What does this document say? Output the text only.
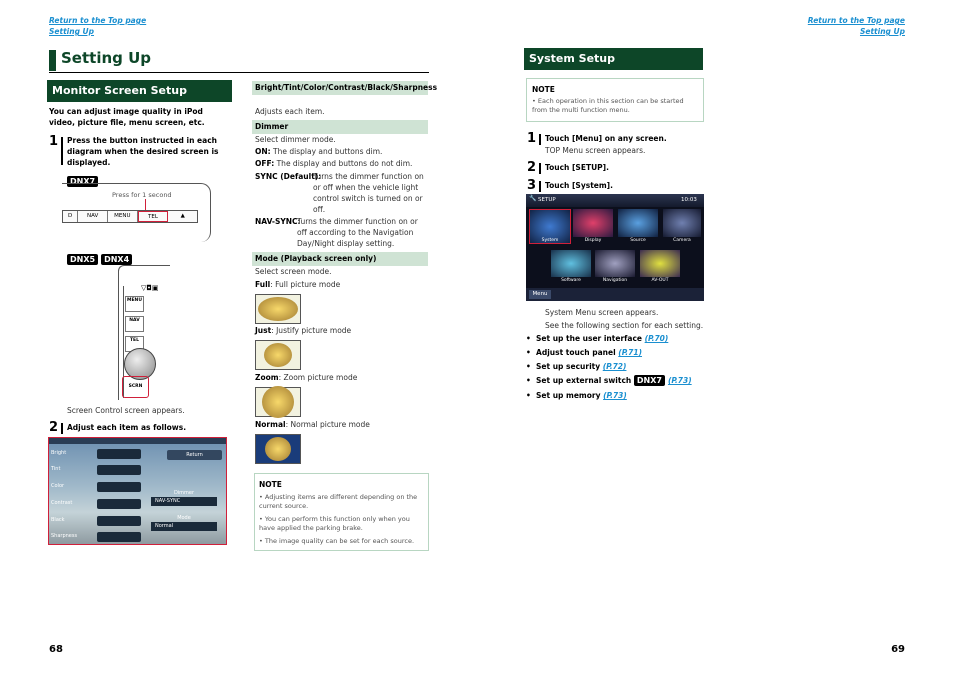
Return to the Top page
Setting Up
Setting Up
Monitor Screen Setup
You can adjust image quality in iPod video, picture file, menu screen, etc.
1 Press the button instructed in each diagram when the desired screen is displayed.
DNX7
Press for 1 second
D	NAV	MENU	TEL	▲
DNX5 DNX4
▽◘▣
MENU
NAV
TEL
SCRN
Screen Control screen appears.
2 Adjust each item as follows.
Bright
Tint
Color
Contrast
Black
Sharpness
Return
Dimmer
NAV-SYNC
Mode
Normal
Bright/Tint/Color/Contrast/Black/Sharpness
Adjusts each item.
Dimmer
Select dimmer mode.
ON: The display and buttons dim.
OFF: The display and buttons do not dim.
SYNC (Default):
Turns the dimmer function on or off when the vehicle light control switch is turned on or off.
NAV-SYNC:
Turns the dimmer function on or off according to the Navigation Day/Night display setting.
Mode (Playback screen only)
Select screen mode.
Full: Full picture mode
Just: Justify picture mode
Zoom: Zoom picture mode
Normal: Normal picture mode
NOTE
• Adjusting items are different depending on the current source.
• You can perform this function only when you have applied the parking brake.
• The image quality can be set for each source.
68
Return to the Top page
Setting Up
System Setup
NOTE
• Each operation in this section can be started from the multi function menu.
1 Touch [Menu] on any screen.
TOP Menu screen appears.
2 Touch [SETUP].
3 Touch [System].
🔧 SETUP	10:03
System	Display	Source	Camera
Software	Navigation	AV-OUT
Menu
System Menu screen appears.
See the following section for each setting.
•  Set up the user interface (P.70)
•  Adjust touch panel (P.71)
•  Set up security (P.72)
•  Set up external switch DNX7 (P.73)
•  Set up memory (P.73)
69
